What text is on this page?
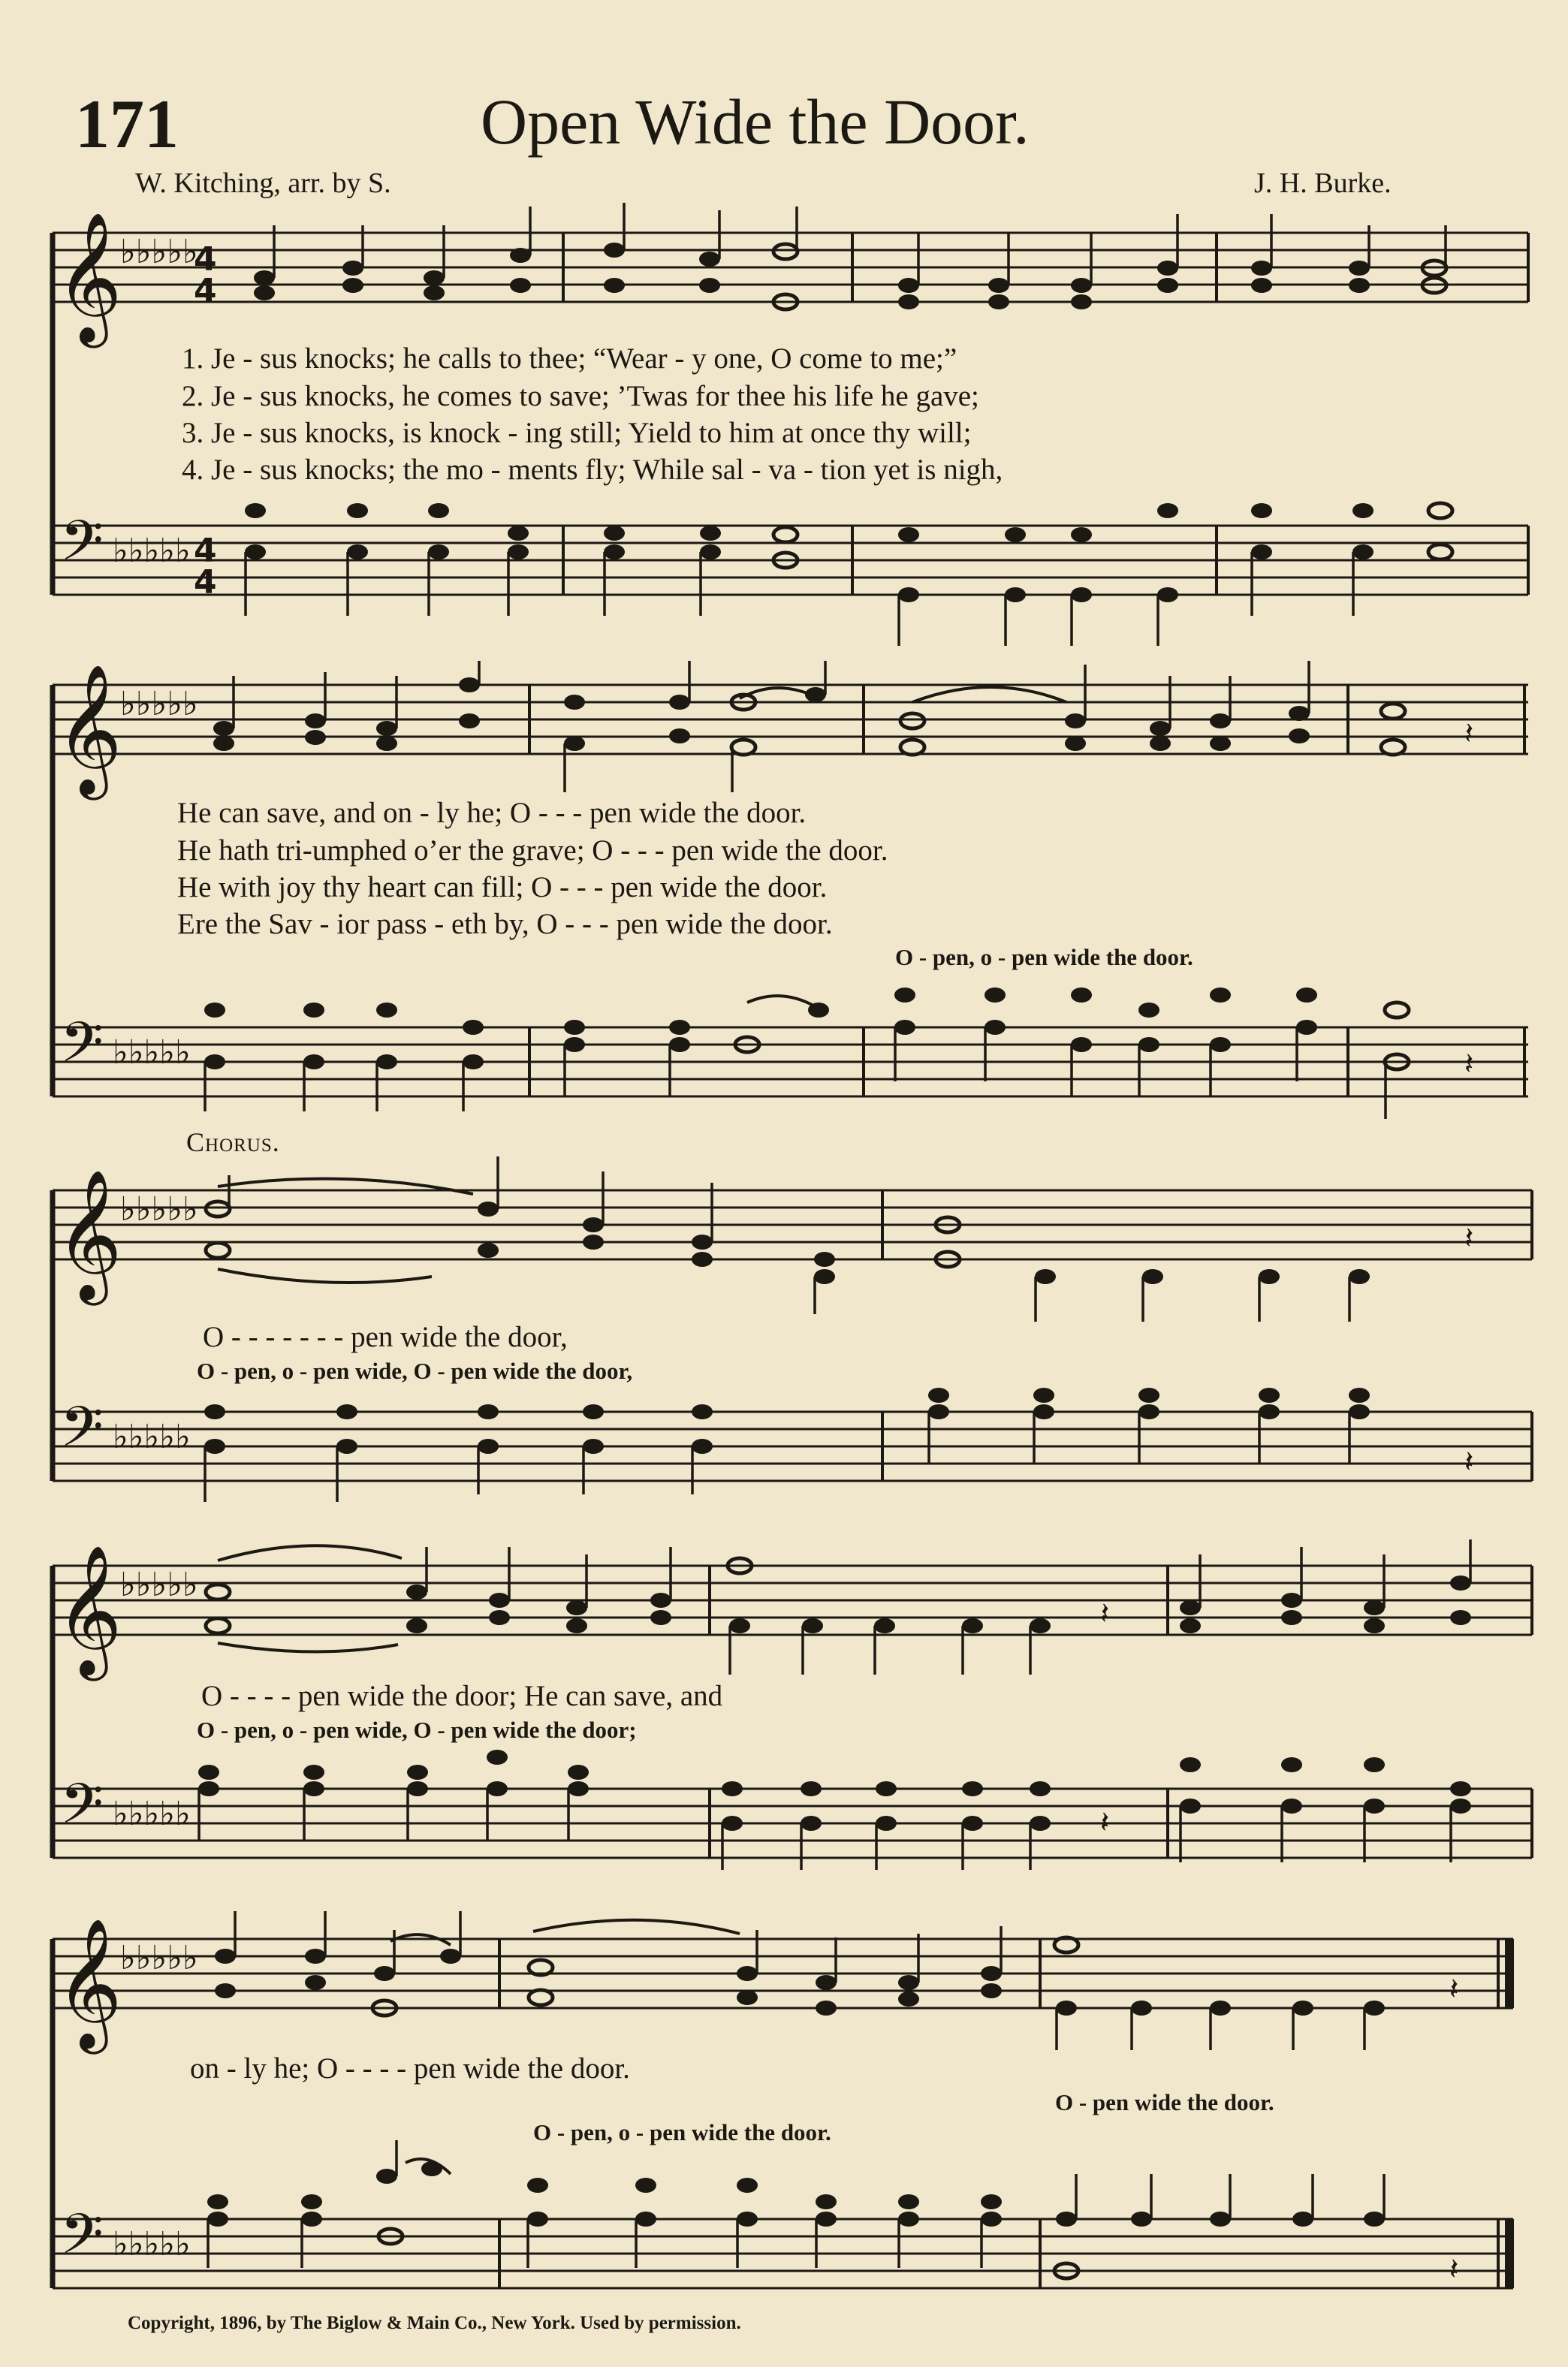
171	Open Wide the Door.
W. Kitching, arr. by S.	J. H. Burke.
𝄞
𝄢
♭♭♭♭♭
♭♭♭♭♭
4
4
4
4
𝄞
𝄢
♭♭♭♭♭
♭♭♭♭♭
𝄽
𝄽
𝄞
𝄢
♭♭♭♭♭
♭♭♭♭♭
𝄽
𝄽
𝄞
𝄢
♭♭♭♭♭
♭♭♭♭♭
𝄽
𝄽
𝄞
𝄢
♭♭♭♭♭
♭♭♭♭♭
𝄽
𝄽
1. Je - sus knocks; he calls to thee; “Wear - y one, O come to me;”
2. Je - sus knocks, he comes to save; ’Twas for thee his life he gave;
3. Je - sus knocks, is knock - ing still; Yield to him at once thy will;
4. Je - sus knocks; the mo - ments fly; While sal - va - tion yet is nigh,
He can save, and on - ly he; O - - - pen wide the door.
He hath tri-umphed o’er the grave; O - - - pen wide the door.
He with joy thy heart can fill; O - - - pen wide the door.
Ere the Sav - ior pass - eth by, O - - - pen wide the door.
O - pen, o - pen wide the door.
Chorus.
O - - - - - - - pen wide the door,
O - pen, o - pen wide, O - pen wide the door,
O - - - - pen wide the door; He can save, and
O - pen, o - pen wide, O - pen wide the door;
on - ly he; O - - - - pen wide the door.
O - pen wide the door.
O - pen, o - pen wide the door.
Copyright, 1896, by The Biglow & Main Co., New York. Used by permission.
